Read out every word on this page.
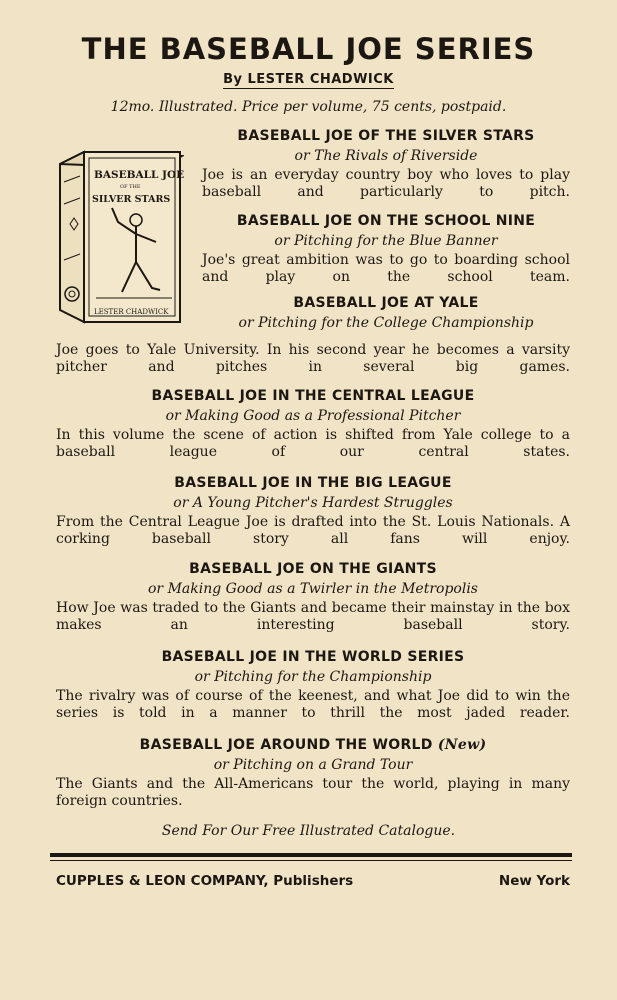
THE BASEBALL JOE SERIES
By LESTER CHADWICK
12mo. Illustrated. Price per volume, 75 cents, postpaid.
BASEBALL JOE
OF THE
SILVER STARS
LESTER CHADWICK
BASEBALL JOE OF THE SILVER STARS
or The Rivals of Riverside
Joe is an everyday country boy who loves to play baseball and particularly to pitch.
BASEBALL JOE ON THE SCHOOL NINE
or Pitching for the Blue Banner
Joe's great ambition was to go to boarding school and play on the school team.
BASEBALL JOE AT YALE
or Pitching for the College Championship
Joe goes to Yale University. In his second year he becomes a varsity pitcher and pitches in several big games.
BASEBALL JOE IN THE CENTRAL LEAGUE
or Making Good as a Professional Pitcher
In this volume the scene of action is shifted from Yale college to a baseball league of our central states.
BASEBALL JOE IN THE BIG LEAGUE
or A Young Pitcher's Hardest Struggles
From the Central League Joe is drafted into the St. Louis Nationals. A corking baseball story all fans will enjoy.
BASEBALL JOE ON THE GIANTS
or Making Good as a Twirler in the Metropolis
How Joe was traded to the Giants and became their mainstay in the box makes an interesting baseball story.
BASEBALL JOE IN THE WORLD SERIES
or Pitching for the Championship
The rivalry was of course of the keenest, and what Joe did to win the series is told in a manner to thrill the most jaded reader.
BASEBALL JOE AROUND THE WORLD (New)
or Pitching on a Grand Tour
The Giants and the All-Americans tour the world, playing in many foreign countries.
Send For Our Free Illustrated Catalogue.
CUPPLES & LEON COMPANY, Publishers	New York
